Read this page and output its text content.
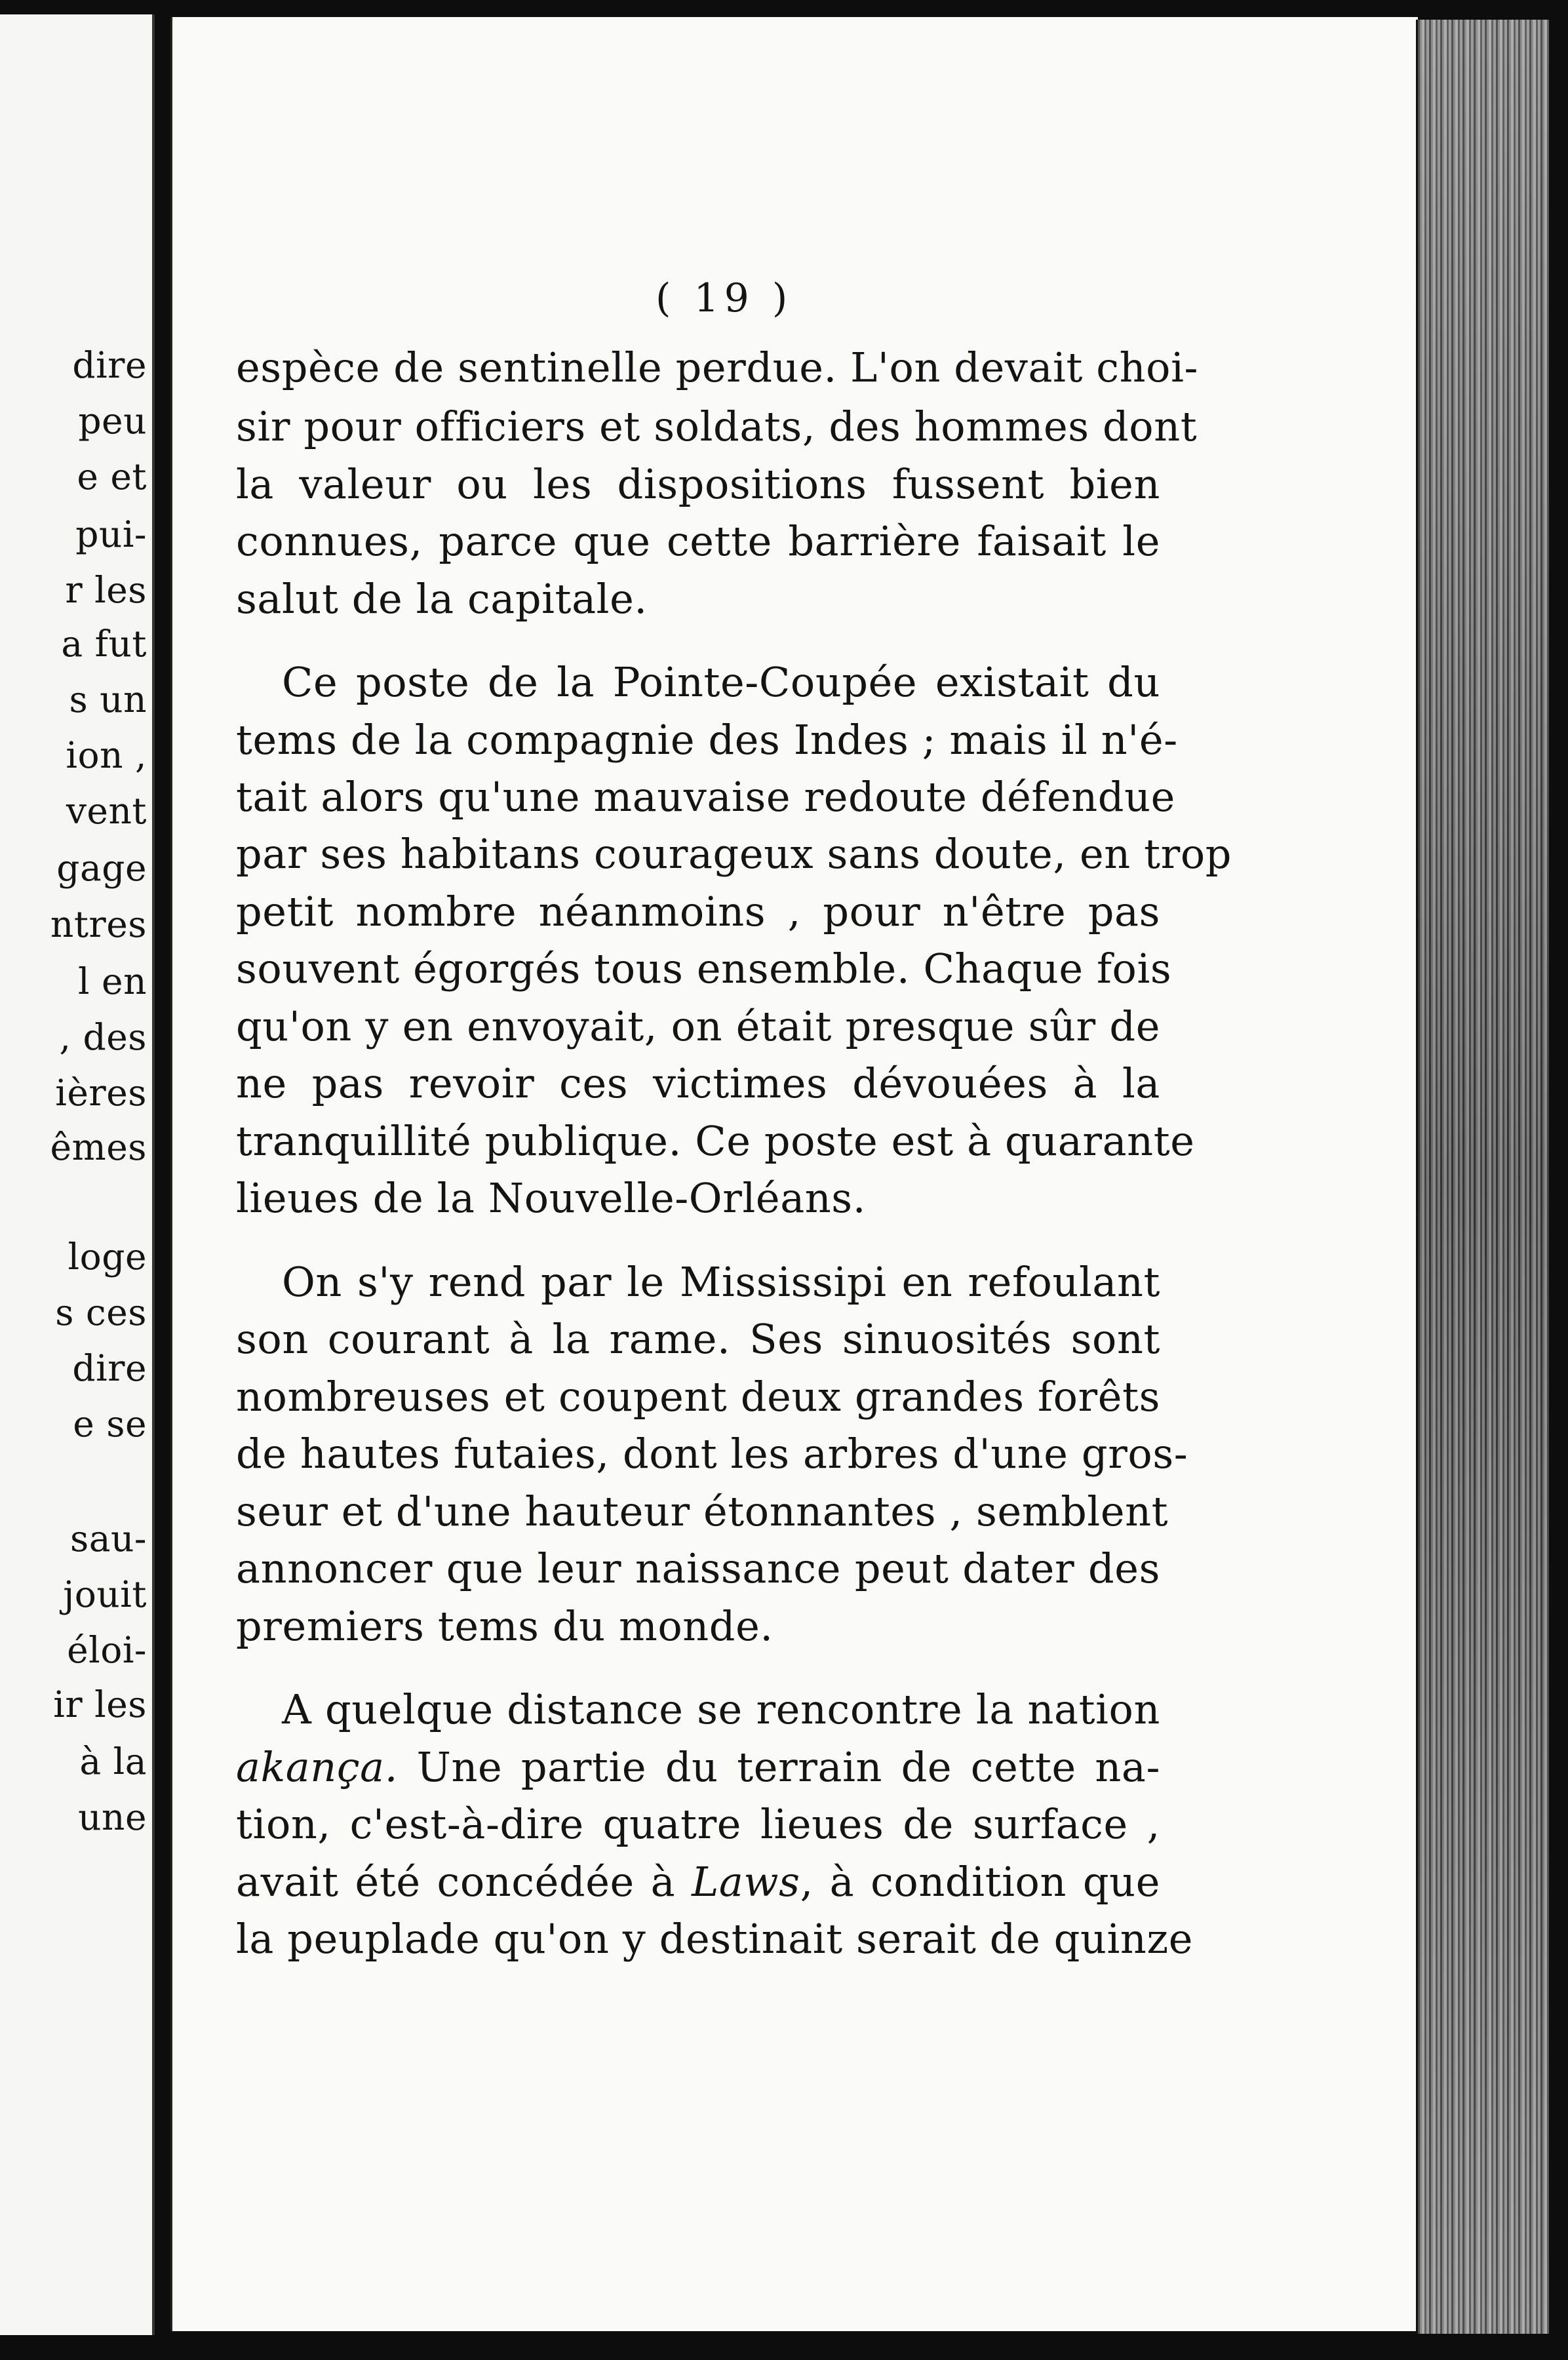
dire
peu
e et
pui-
r les
a fut
s un
ion ,
vent
gage
ntres
l en
, des
ières
êmes
loge
s ces
dire
e se
sau-
jouit
éloi-
ir les
à la
une
( 19 )
espèce de sentinelle perdue. L'on devait choi-
sir pour officiers et soldats, des hommes dont
la valeur ou les dispositions fussent bien
connues, parce que cette barrière faisait le
salut de la capitale.
Ce poste de la Pointe-Coupée existait du
tems de la compagnie des Indes ; mais il n'é-
tait alors qu'une mauvaise redoute défendue
par ses habitans courageux sans doute, en trop
petit nombre néanmoins , pour n'être pas
souvent égorgés tous ensemble. Chaque fois
qu'on y en envoyait, on était presque sûr de
ne pas revoir ces victimes dévouées à la
tranquillité publique. Ce poste est à quarante
lieues de la Nouvelle-Orléans.
On s'y rend par le Mississipi en refoulant
son courant à la rame. Ses sinuosités sont
nombreuses et coupent deux grandes forêts
de hautes futaies, dont les arbres d'une gros-
seur et d'une hauteur étonnantes , semblent
annoncer que leur naissance peut dater des
premiers tems du monde.
A quelque distance se rencontre la nation
akança. Une partie du terrain de cette na-
tion, c'est-à-dire quatre lieues de surface ,
avait été concédée à Laws, à condition que
la peuplade qu'on y destinait serait de quinze
